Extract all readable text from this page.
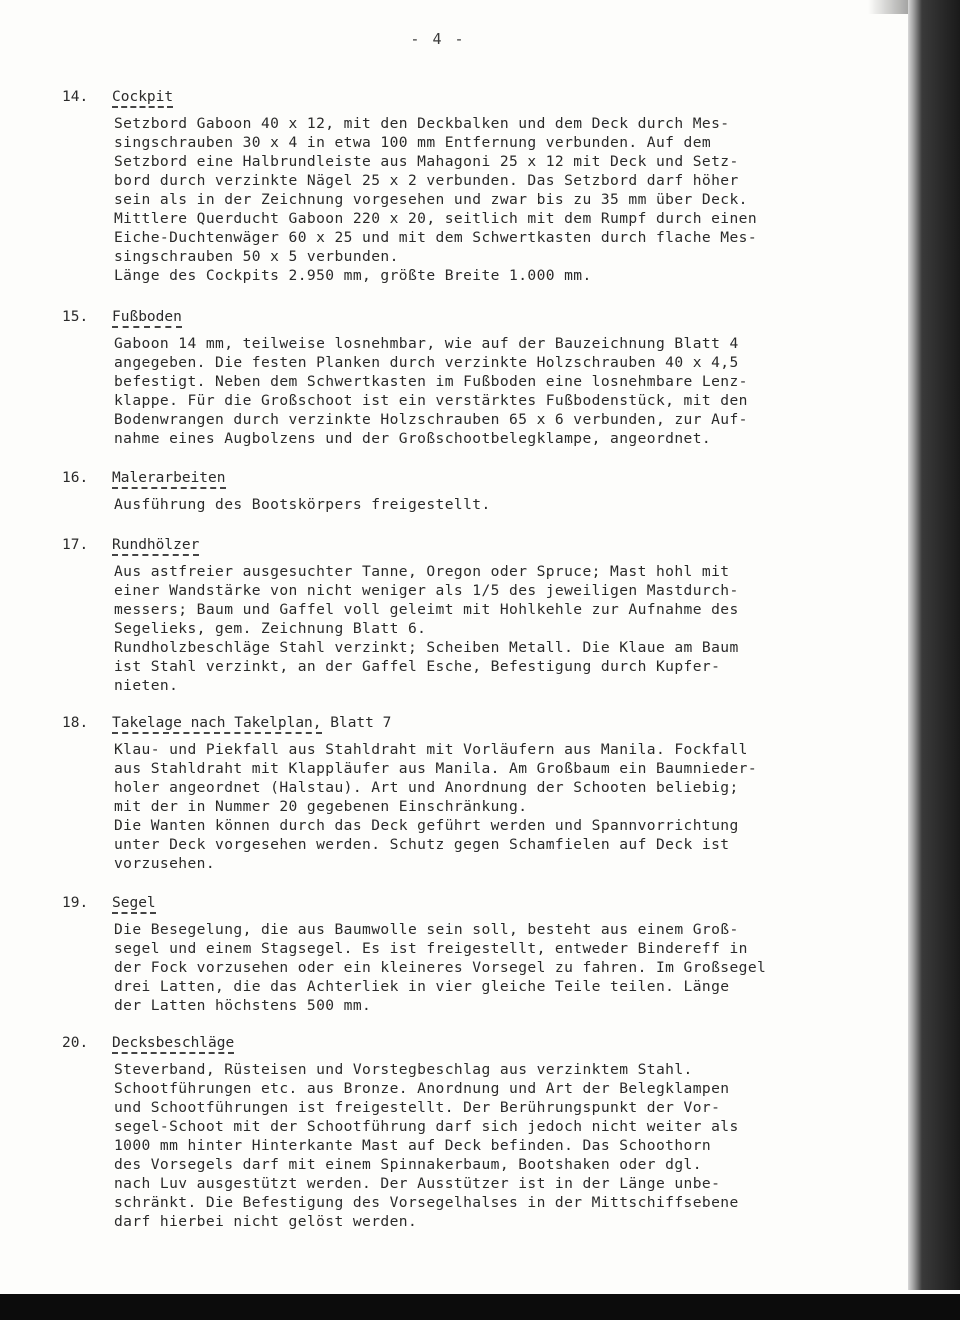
- 4 -
14. Cockpit
Setzbord Gaboon 40 x 12, mit den Deckbalken und dem Deck durch Mes-
singschrauben 30 x 4 in etwa 100 mm Entfernung verbunden. Auf dem
Setzbord eine Halbrundleiste aus Mahagoni 25 x 12 mit Deck und Setz-
bord durch verzinkte Nägel 25 x 2 verbunden. Das Setzbord darf höher
sein als in der Zeichnung vorgesehen und zwar bis zu 35 mm über Deck.
Mittlere Querducht Gaboon 220 x 20, seitlich mit dem Rumpf durch einen
Eiche-Duchtenwäger 60 x 25 und mit dem Schwertkasten durch flache Mes-
singschrauben 50 x 5 verbunden.
Länge des Cockpits 2.950 mm, größte Breite 1.000 mm.
15. Fußboden
Gaboon 14 mm, teilweise losnehmbar, wie auf der Bauzeichnung Blatt 4
angegeben. Die festen Planken durch verzinkte Holzschrauben 40 x 4,5
befestigt. Neben dem Schwertkasten im Fußboden eine losnehmbare Lenz-
klappe. Für die Großschoot ist ein verstärktes Fußbodenstück, mit den
Bodenwrangen durch verzinkte Holzschrauben 65 x 6 verbunden, zur Auf-
nahme eines Augbolzens und der Großschootbelegklampe, angeordnet.
16. Malerarbeiten
Ausführung des Bootskörpers freigestellt.
17. Rundhölzer
Aus astfreier ausgesuchter Tanne, Oregon oder Spruce; Mast hohl mit
einer Wandstärke von nicht weniger als 1/5 des jeweiligen Mastdurch-
messers; Baum und Gaffel voll geleimt mit Hohlkehle zur Aufnahme des
Segelieks, gem. Zeichnung Blatt 6.
Rundholzbeschläge Stahl verzinkt; Scheiben Metall. Die Klaue am Baum
ist Stahl verzinkt, an der Gaffel Esche, Befestigung durch Kupfer-
nieten.
18. Takelage nach Takelplan, Blatt 7
Klau- und Piekfall aus Stahldraht mit Vorläufern aus Manila. Fockfall
aus Stahldraht mit Klappläufer aus Manila. Am Großbaum ein Baumnieder-
holer angeordnet (Halstau). Art und Anordnung der Schooten beliebig;
mit der in Nummer 20 gegebenen Einschränkung.
Die Wanten können durch das Deck geführt werden und Spannvorrichtung
unter Deck vorgesehen werden. Schutz gegen Schamfielen auf Deck ist
vorzusehen.
19. Segel
Die Besegelung, die aus Baumwolle sein soll, besteht aus einem Groß-
segel und einem Stagsegel. Es ist freigestellt, entweder Bindereff in
der Fock vorzusehen oder ein kleineres Vorsegel zu fahren. Im Großsegel
drei Latten, die das Achterliek in vier gleiche Teile teilen. Länge
der Latten höchstens 500 mm.
20. Decksbeschläge
Steverband, Rüsteisen und Vorstegbeschlag aus verzinktem Stahl.
Schootführungen etc. aus Bronze. Anordnung und Art der Belegklampen
und Schootführungen ist freigestellt. Der Berührungspunkt der Vor-
segel-Schoot mit der Schootführung darf sich jedoch nicht weiter als
1000 mm hinter Hinterkante Mast auf Deck befinden. Das Schoothorn
des Vorsegels darf mit einem Spinnakerbaum, Bootshaken oder dgl.
nach Luv ausgestützt werden. Der Ausstützer ist in der Länge unbe-
schränkt. Die Befestigung des Vorsegelhalses in der Mittschiffsebene
darf hierbei nicht gelöst werden.
